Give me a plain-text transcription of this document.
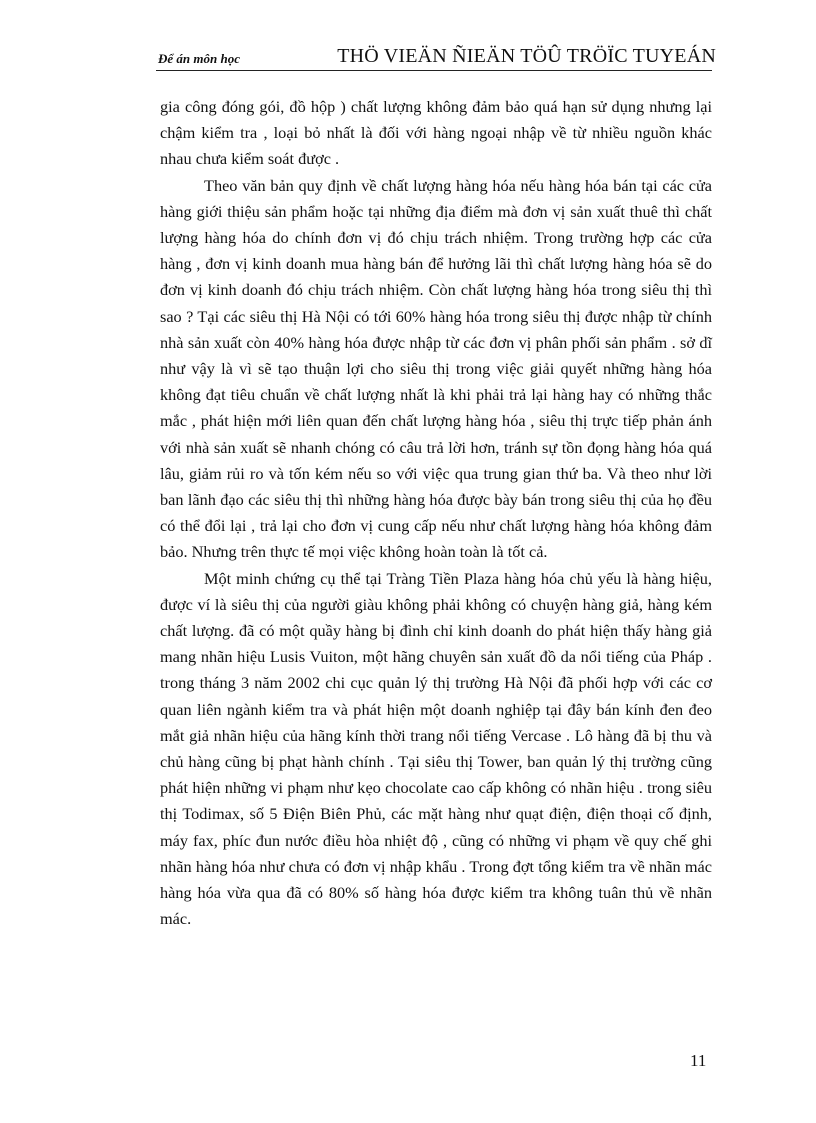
Để án môn học	THÖ VIEÄN ÑIEÄN TÖÛ TRÖÏC TUYEÁN

gia công đóng gói, đồ hộp ) chất lượng không đảm bảo quá hạn sử dụng nhưng lại chậm kiểm tra , loại bỏ nhất là đối với hàng ngoại nhập về từ nhiều nguồn khác nhau chưa kiểm soát được .

Theo văn bản quy định về chất lượng hàng hóa nếu hàng hóa bán tại các cửa hàng giới thiệu sản phẩm hoặc tại những địa điểm mà đơn vị sản xuất thuê thì chất lượng hàng hóa do chính đơn vị đó chịu trách nhiệm. Trong trường hợp các cửa hàng , đơn vị kinh doanh mua hàng bán để hưởng lãi thì chất lượng hàng hóa sẽ do đơn vị kinh doanh đó chịu trách nhiệm. Còn chất lượng hàng hóa trong siêu thị thì sao ? Tại các siêu thị Hà Nội có tới 60% hàng hóa trong siêu thị được nhập từ chính nhà sản xuất còn 40% hàng hóa được nhập từ các đơn vị phân phối sản phẩm . sở dĩ như vậy là vì sẽ tạo thuận lợi cho siêu thị trong việc giải quyết những hàng hóa không đạt tiêu chuẩn về chất lượng nhất là khi phải trả lại hàng hay có những thắc mắc , phát hiện mới liên quan đến chất lượng hàng hóa , siêu thị trực tiếp phản ánh với nhà sản xuất sẽ nhanh chóng có câu trả lời hơn, tránh sự tồn đọng hàng hóa quá lâu, giảm rủi ro và tốn kém nếu so với việc qua trung gian thứ ba. Và theo như lời ban lãnh đạo các siêu thị thì những hàng hóa được bày bán trong siêu thị của họ đều có thể đổi lại , trả lại cho đơn vị cung cấp nếu như chất lượng hàng hóa không đảm bảo. Nhưng trên thực tế mọi việc không hoàn toàn là tốt cả.

Một minh chứng cụ thể tại Tràng Tiền Plaza hàng hóa chủ yếu là hàng hiệu, được ví là siêu thị của người giàu không phải không có chuyện hàng giả, hàng kém chất lượng. đã có một quầy hàng bị đình chỉ kinh doanh do phát hiện thấy hàng giả mang nhãn hiệu Lusis Vuiton, một hãng chuyên sản xuất đồ da nổi tiếng của Pháp . trong tháng 3 năm 2002 chi cục quản lý thị trường Hà Nội đã phối hợp với các cơ quan liên ngành kiểm tra và phát hiện một doanh nghiệp tại đây bán kính đen đeo mắt giả nhãn hiệu của hãng kính thời trang nổi tiếng Vercase . Lô hàng đã bị thu và chủ hàng cũng bị phạt hành chính . Tại siêu thị Tower, ban quản lý thị trường cũng phát hiện những vi phạm như kẹo chocolate cao cấp không có nhãn hiệu . trong siêu thị Todimax, số 5 Điện Biên Phủ, các mặt hàng như quạt điện, điện thoại cố định, máy fax, phíc đun nước điều hòa nhiệt độ , cũng có những vi phạm về quy chế ghi nhãn hàng hóa như chưa có đơn vị nhập khẩu . Trong đợt tổng kiểm tra về nhãn mác hàng hóa vừa qua đã có 80% số hàng hóa được kiểm tra không tuân thủ về nhãn mác.

11
